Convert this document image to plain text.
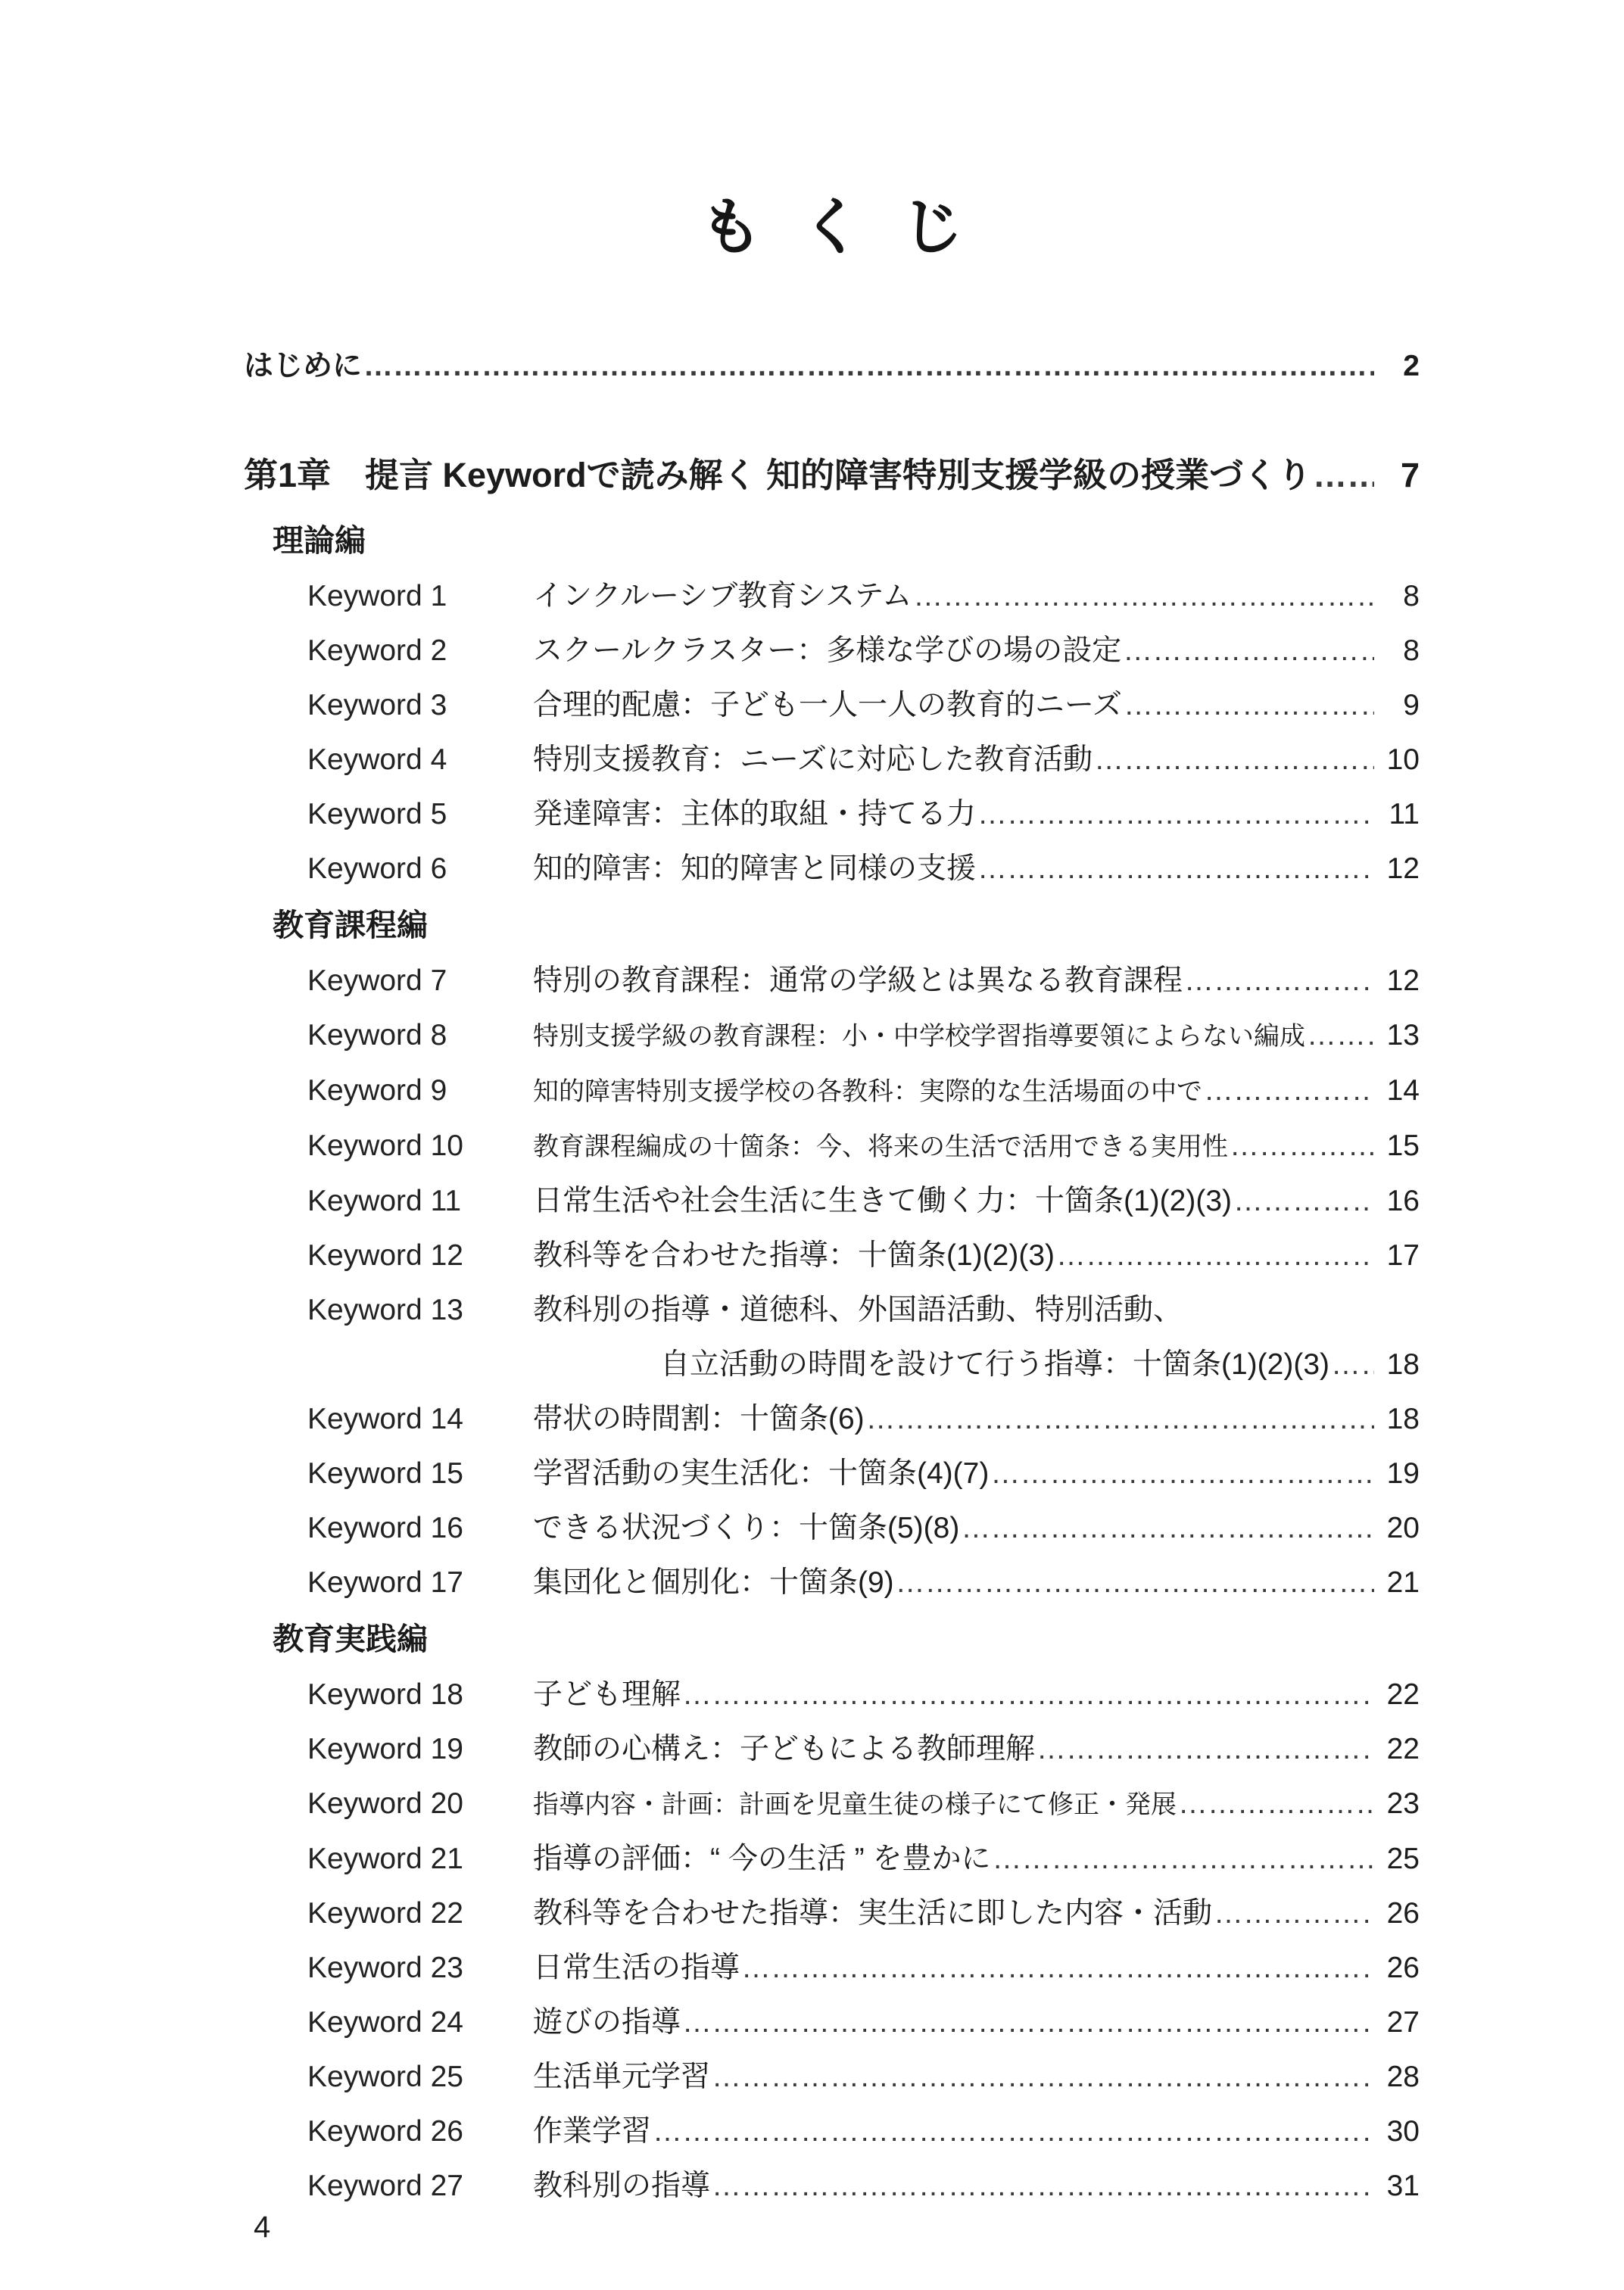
もくじ
はじめに ……………………………………………………………………………………………………………………………………………………	2
第1章　提言 Keywordで読み解く 知的障害特別支援学級の授業づくり ……………………………………………………………………………………………………………………………………………………	7
理論編
Keyword 1	インクルーシブ教育システム ……………………………………………………………………………………………………………………………………………………	8
Keyword 2	スクールクラスター：多様な学びの場の設定 ……………………………………………………………………………………………………………………………………………………	8
Keyword 3	合理的配慮：子ども一人一人の教育的ニーズ ……………………………………………………………………………………………………………………………………………………	9
Keyword 4	特別支援教育：ニーズに対応した教育活動 ……………………………………………………………………………………………………………………………………………………	10
Keyword 5	発達障害：主体的取組・持てる力 ……………………………………………………………………………………………………………………………………………………	11
Keyword 6	知的障害：知的障害と同様の支援 ……………………………………………………………………………………………………………………………………………………	12
教育課程編
Keyword 7	特別の教育課程：通常の学級とは異なる教育課程 ……………………………………………………………………………………………………………………………………………………	12
Keyword 8	特別支援学級の教育課程：小・中学校学習指導要領によらない編成 ……………………………………………………………………………………………………………………………………………………	13
Keyword 9	知的障害特別支援学校の各教科：実際的な生活場面の中で ……………………………………………………………………………………………………………………………………………………	14
Keyword 10	教育課程編成の十箇条：今、将来の生活で活用できる実用性 ……………………………………………………………………………………………………………………………………………………	15
Keyword 11	日常生活や社会生活に生きて働く力：十箇条(1)(2)(3) ……………………………………………………………………………………………………………………………………………………	16
Keyword 12	教科等を合わせた指導：十箇条(1)(2)(3) ……………………………………………………………………………………………………………………………………………………	17
Keyword 13	教科別の指導・道徳科、外国語活動、特別活動、
自立活動の時間を設けて行う指導：十箇条(1)(2)(3) ……………………………………………………………………………………………………………………………………………………	18
Keyword 14	帯状の時間割：十箇条(6) ……………………………………………………………………………………………………………………………………………………	18
Keyword 15	学習活動の実生活化：十箇条(4)(7) ……………………………………………………………………………………………………………………………………………………	19
Keyword 16	できる状況づくり：十箇条(5)(8) ……………………………………………………………………………………………………………………………………………………	20
Keyword 17	集団化と個別化：十箇条(9) ……………………………………………………………………………………………………………………………………………………	21
教育実践編
Keyword 18	子ども理解 ……………………………………………………………………………………………………………………………………………………	22
Keyword 19	教師の心構え：子どもによる教師理解 ……………………………………………………………………………………………………………………………………………………	22
Keyword 20	指導内容・計画：計画を児童生徒の様子にて修正・発展 ……………………………………………………………………………………………………………………………………………………	23
Keyword 21	指導の評価：“ 今の生活 ” を豊かに ……………………………………………………………………………………………………………………………………………………	25
Keyword 22	教科等を合わせた指導：実生活に即した内容・活動 ……………………………………………………………………………………………………………………………………………………	26
Keyword 23	日常生活の指導 ……………………………………………………………………………………………………………………………………………………	26
Keyword 24	遊びの指導 ……………………………………………………………………………………………………………………………………………………	27
Keyword 25	生活単元学習 ……………………………………………………………………………………………………………………………………………………	28
Keyword 26	作業学習 ……………………………………………………………………………………………………………………………………………………	30
Keyword 27	教科別の指導 ……………………………………………………………………………………………………………………………………………………	31
4
